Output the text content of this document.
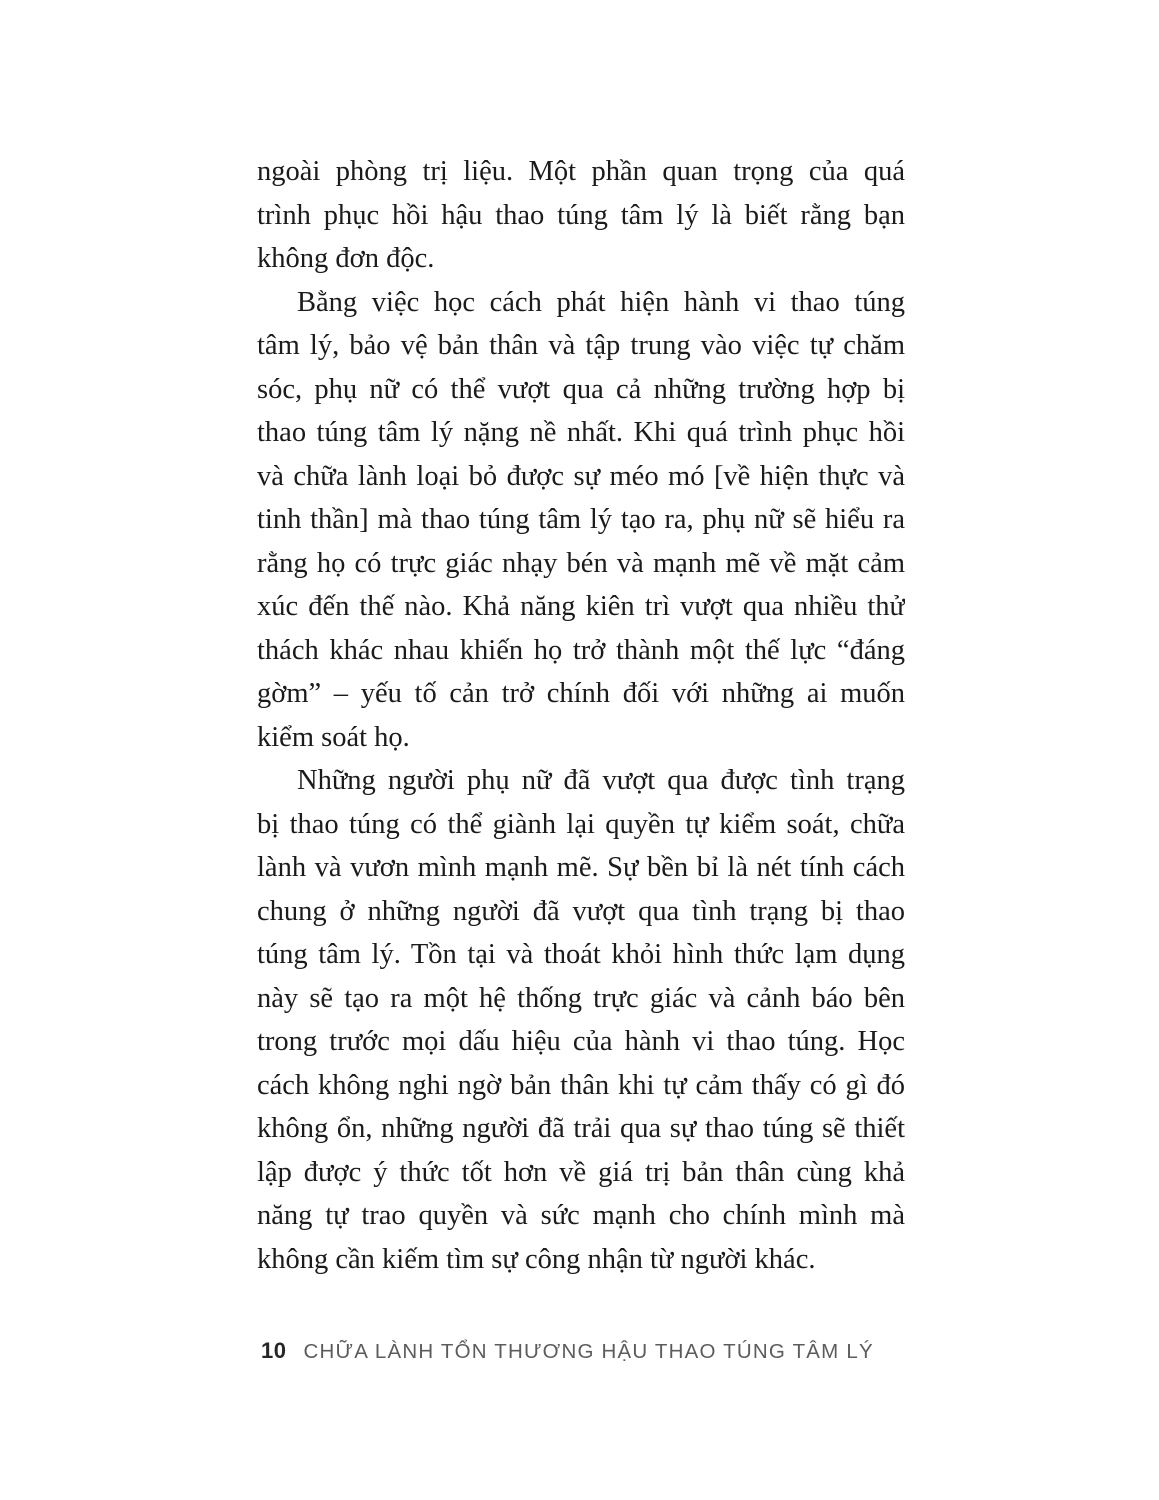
ngoài phòng trị liệu. Một phần quan trọng của quá
trình phục hồi hậu thao túng tâm lý là biết rằng bạn
không đơn độc.
Bằng việc học cách phát hiện hành vi thao túng
tâm lý, bảo vệ bản thân và tập trung vào việc tự chăm
sóc, phụ nữ có thể vượt qua cả những trường hợp bị
thao túng tâm lý nặng nề nhất. Khi quá trình phục hồi
và chữa lành loại bỏ được sự méo mó [về hiện thực và
tinh thần] mà thao túng tâm lý tạo ra, phụ nữ sẽ hiểu ra
rằng họ có trực giác nhạy bén và mạnh mẽ về mặt cảm
xúc đến thế nào. Khả năng kiên trì vượt qua nhiều thử
thách khác nhau khiến họ trở thành một thế lực “đáng
gờm” – yếu tố cản trở chính đối với những ai muốn
kiểm soát họ.
Những người phụ nữ đã vượt qua được tình trạng
bị thao túng có thể giành lại quyền tự kiểm soát, chữa
lành và vươn mình mạnh mẽ. Sự bền bỉ là nét tính cách
chung ở những người đã vượt qua tình trạng bị thao
túng tâm lý. Tồn tại và thoát khỏi hình thức lạm dụng
này sẽ tạo ra một hệ thống trực giác và cảnh báo bên
trong trước mọi dấu hiệu của hành vi thao túng. Học
cách không nghi ngờ bản thân khi tự cảm thấy có gì đó
không ổn, những người đã trải qua sự thao túng sẽ thiết
lập được ý thức tốt hơn về giá trị bản thân cùng khả
năng tự trao quyền và sức mạnh cho chính mình mà
không cần kiếm tìm sự công nhận từ người khác.
10 CHỮA LÀNH TỔN THƯƠNG HẬU THAO TÚNG TÂM LÝ
